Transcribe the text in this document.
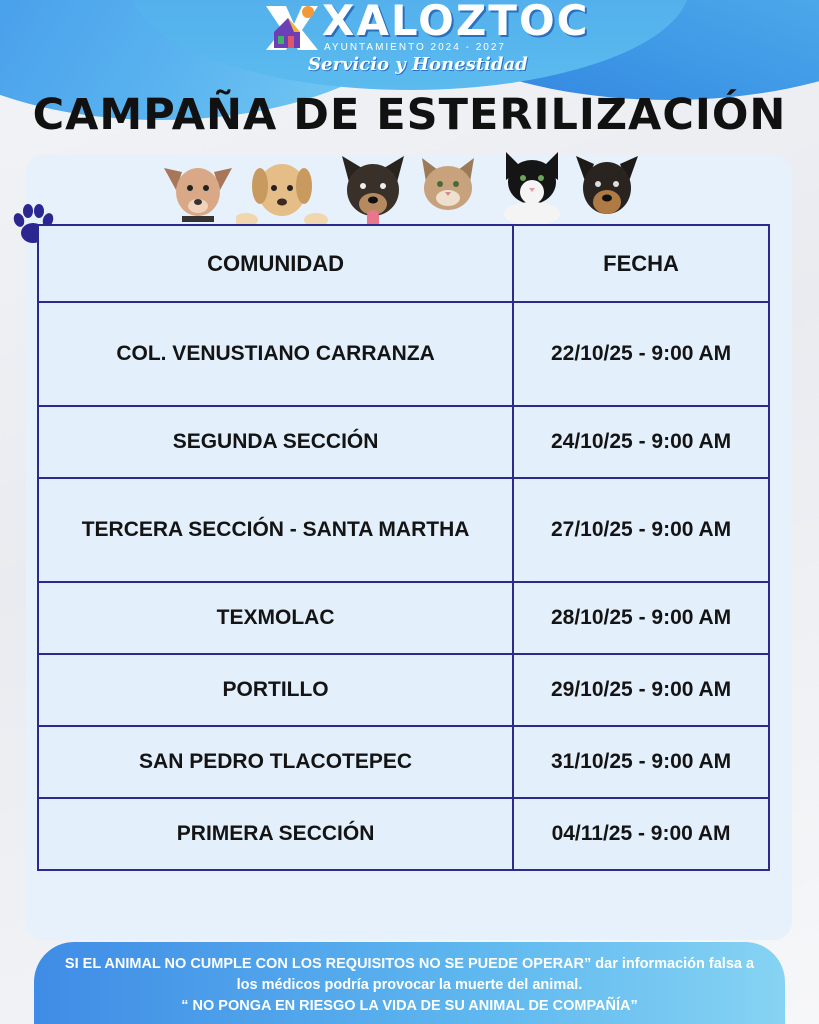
XALOZTOC
AYUNTAMIENTO 2024 - 2027
Servicio y Honestidad
CAMPAÑA DE ESTERILIZACIÓN
COMUNIDAD	FECHA
COL. VENUSTIANO CARRANZA	22/10/25 - 9:00 AM
SEGUNDA SECCIÓN	24/10/25 - 9:00 AM
TERCERA SECCIÓN - SANTA MARTHA	27/10/25 - 9:00 AM
TEXMOLAC	28/10/25 - 9:00 AM
PORTILLO	29/10/25 - 9:00 AM
SAN PEDRO TLACOTEPEC	31/10/25 - 9:00 AM
PRIMERA SECCIÓN	04/11/25 - 9:00 AM
SI EL ANIMAL NO CUMPLE CON LOS REQUISITOS NO SE PUEDE OPERAR” dar información falsa a
los médicos podría provocar la muerte del animal.
“ NO PONGA EN RIESGO LA VIDA DE SU ANIMAL DE COMPAÑÍA”
